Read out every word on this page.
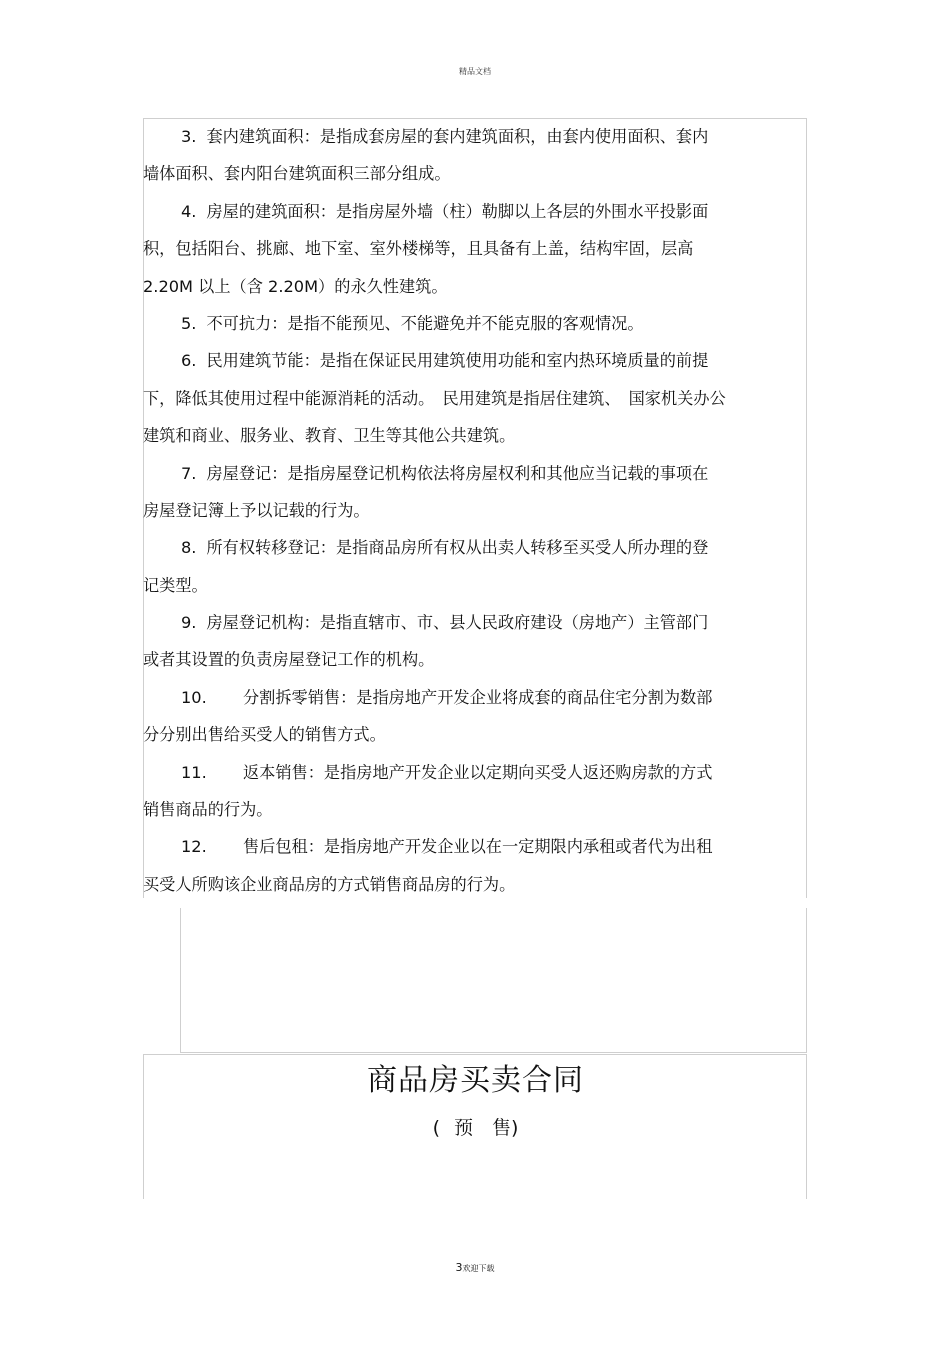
精品文档
3. 套内建筑面积：是指成套房屋的套内建筑面积，由套内使用面积、套内
墙体面积、套内阳台建筑面积三部分组成。
4. 房屋的建筑面积：是指房屋外墙（柱）勒脚以上各层的外围水平投影面
积，包括阳台、挑廊、地下室、室外楼梯等，且具备有上盖，结构牢固，层高
2.20M 以上（含 2.20M）的永久性建筑。
5. 不可抗力：是指不能预见、不能避免并不能克服的客观情况。
6. 民用建筑节能：是指在保证民用建筑使用功能和室内热环境质量的前提
下，降低其使用过程中能源消耗的活动。　民用建筑是指居住建筑、　国家机关办公
建筑和商业、服务业、教育、卫生等其他公共建筑。
7. 房屋登记：是指房屋登记机构依法将房屋权利和其他应当记载的事项在
房屋登记簿上予以记载的行为。
8. 所有权转移登记：是指商品房所有权从出卖人转移至买受人所办理的登
记类型。
9. 房屋登记机构：是指直辖市、市、县人民政府建设（房地产）主管部门
或者其设置的负责房屋登记工作的机构。
10. 分割拆零销售：是指房地产开发企业将成套的商品住宅分割为数部
分分别出售给买受人的销售方式。
11. 返本销售：是指房地产开发企业以定期向买受人返还购房款的方式
销售商品的行为。
12. 售后包租：是指房地产开发企业以在一定期限内承租或者代为出租
买受人所购该企业商品房的方式销售商品房的行为。
商品房买卖合同
( 预　售)
3欢迎下载
